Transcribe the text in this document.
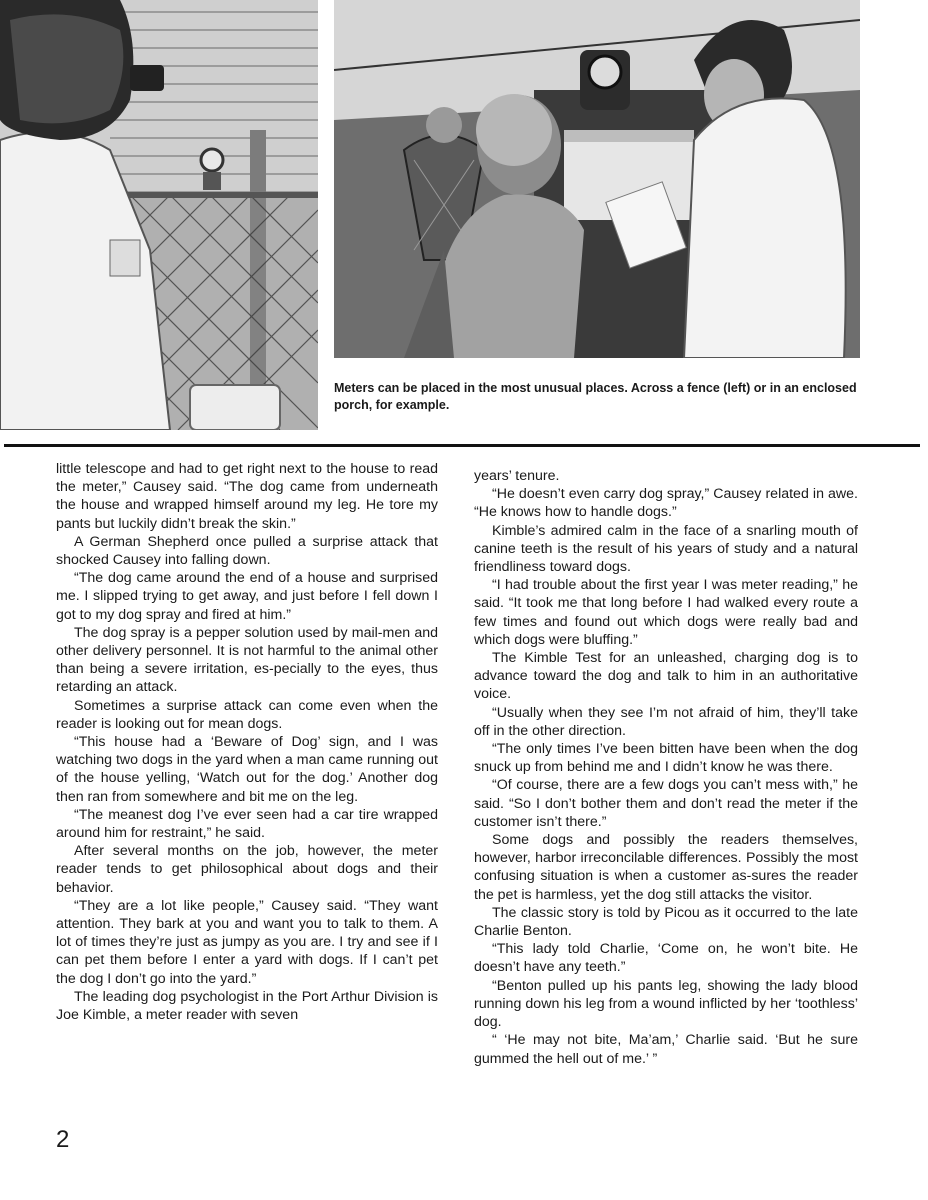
Meters can be placed in the most unusual places. Across a fence (left) or in an enclosed porch, for example.

little telescope and had to get right next to the house to read the meter,” Causey said. “The dog came from underneath the house and wrapped himself around my leg. He tore my pants but luckily didn’t break the skin.”

A German Shepherd once pulled a surprise attack that shocked Causey into falling down.

“The dog came around the end of a house and surprised me. I slipped trying to get away, and just before I fell down I got to my dog spray and fired at him.”

The dog spray is a pepper solution used by mail-men and other delivery personnel. It is not harmful to the animal other than being a severe irritation, es-pecially to the eyes, thus retarding an attack.

Sometimes a surprise attack can come even when the reader is looking out for mean dogs.

“This house had a ‘Beware of Dog’ sign, and I was watching two dogs in the yard when a man came running out of the house yelling, ‘Watch out for the dog.’ Another dog then ran from somewhere and bit me on the leg.

“The meanest dog I’ve ever seen had a car tire wrapped around him for restraint,” he said.

After several months on the job, however, the meter reader tends to get philosophical about dogs and their behavior.

“They are a lot like people,” Causey said. “They want attention. They bark at you and want you to talk to them. A lot of times they’re just as jumpy as you are. I try and see if I can pet them before I enter a yard with dogs. If I can’t pet the dog I don’t go into the yard.”

The leading dog psychologist in the Port Arthur Division is Joe Kimble, a meter reader with seven

years’ tenure.

“He doesn’t even carry dog spray,” Causey related in awe. “He knows how to handle dogs.”

Kimble’s admired calm in the face of a snarling mouth of canine teeth is the result of his years of study and a natural friendliness toward dogs.

“I had trouble about the first year I was meter reading,” he said. “It took me that long before I had walked every route a few times and found out which dogs were really bad and which dogs were bluffing.”

The Kimble Test for an unleashed, charging dog is to advance toward the dog and talk to him in an authoritative voice.

“Usually when they see I’m not afraid of him, they’ll take off in the other direction.

“The only times I’ve been bitten have been when the dog snuck up from behind me and I didn’t know he was there.

“Of course, there are a few dogs you can’t mess with,” he said. “So I don’t bother them and don’t read the meter if the customer isn’t there.”

Some dogs and possibly the readers themselves, however, harbor irreconcilable differences. Possibly the most confusing situation is when a customer as-sures the reader the pet is harmless, yet the dog still attacks the visitor.

The classic story is told by Picou as it occurred to the late Charlie Benton.

“This lady told Charlie, ‘Come on, he won’t bite. He doesn’t have any teeth.”

“Benton pulled up his pants leg, showing the lady blood running down his leg from a wound inflicted by her ‘toothless’ dog.

“ ‘He may not bite, Ma’am,’ Charlie said. ‘But he sure gummed the hell out of me.’ ”

2
